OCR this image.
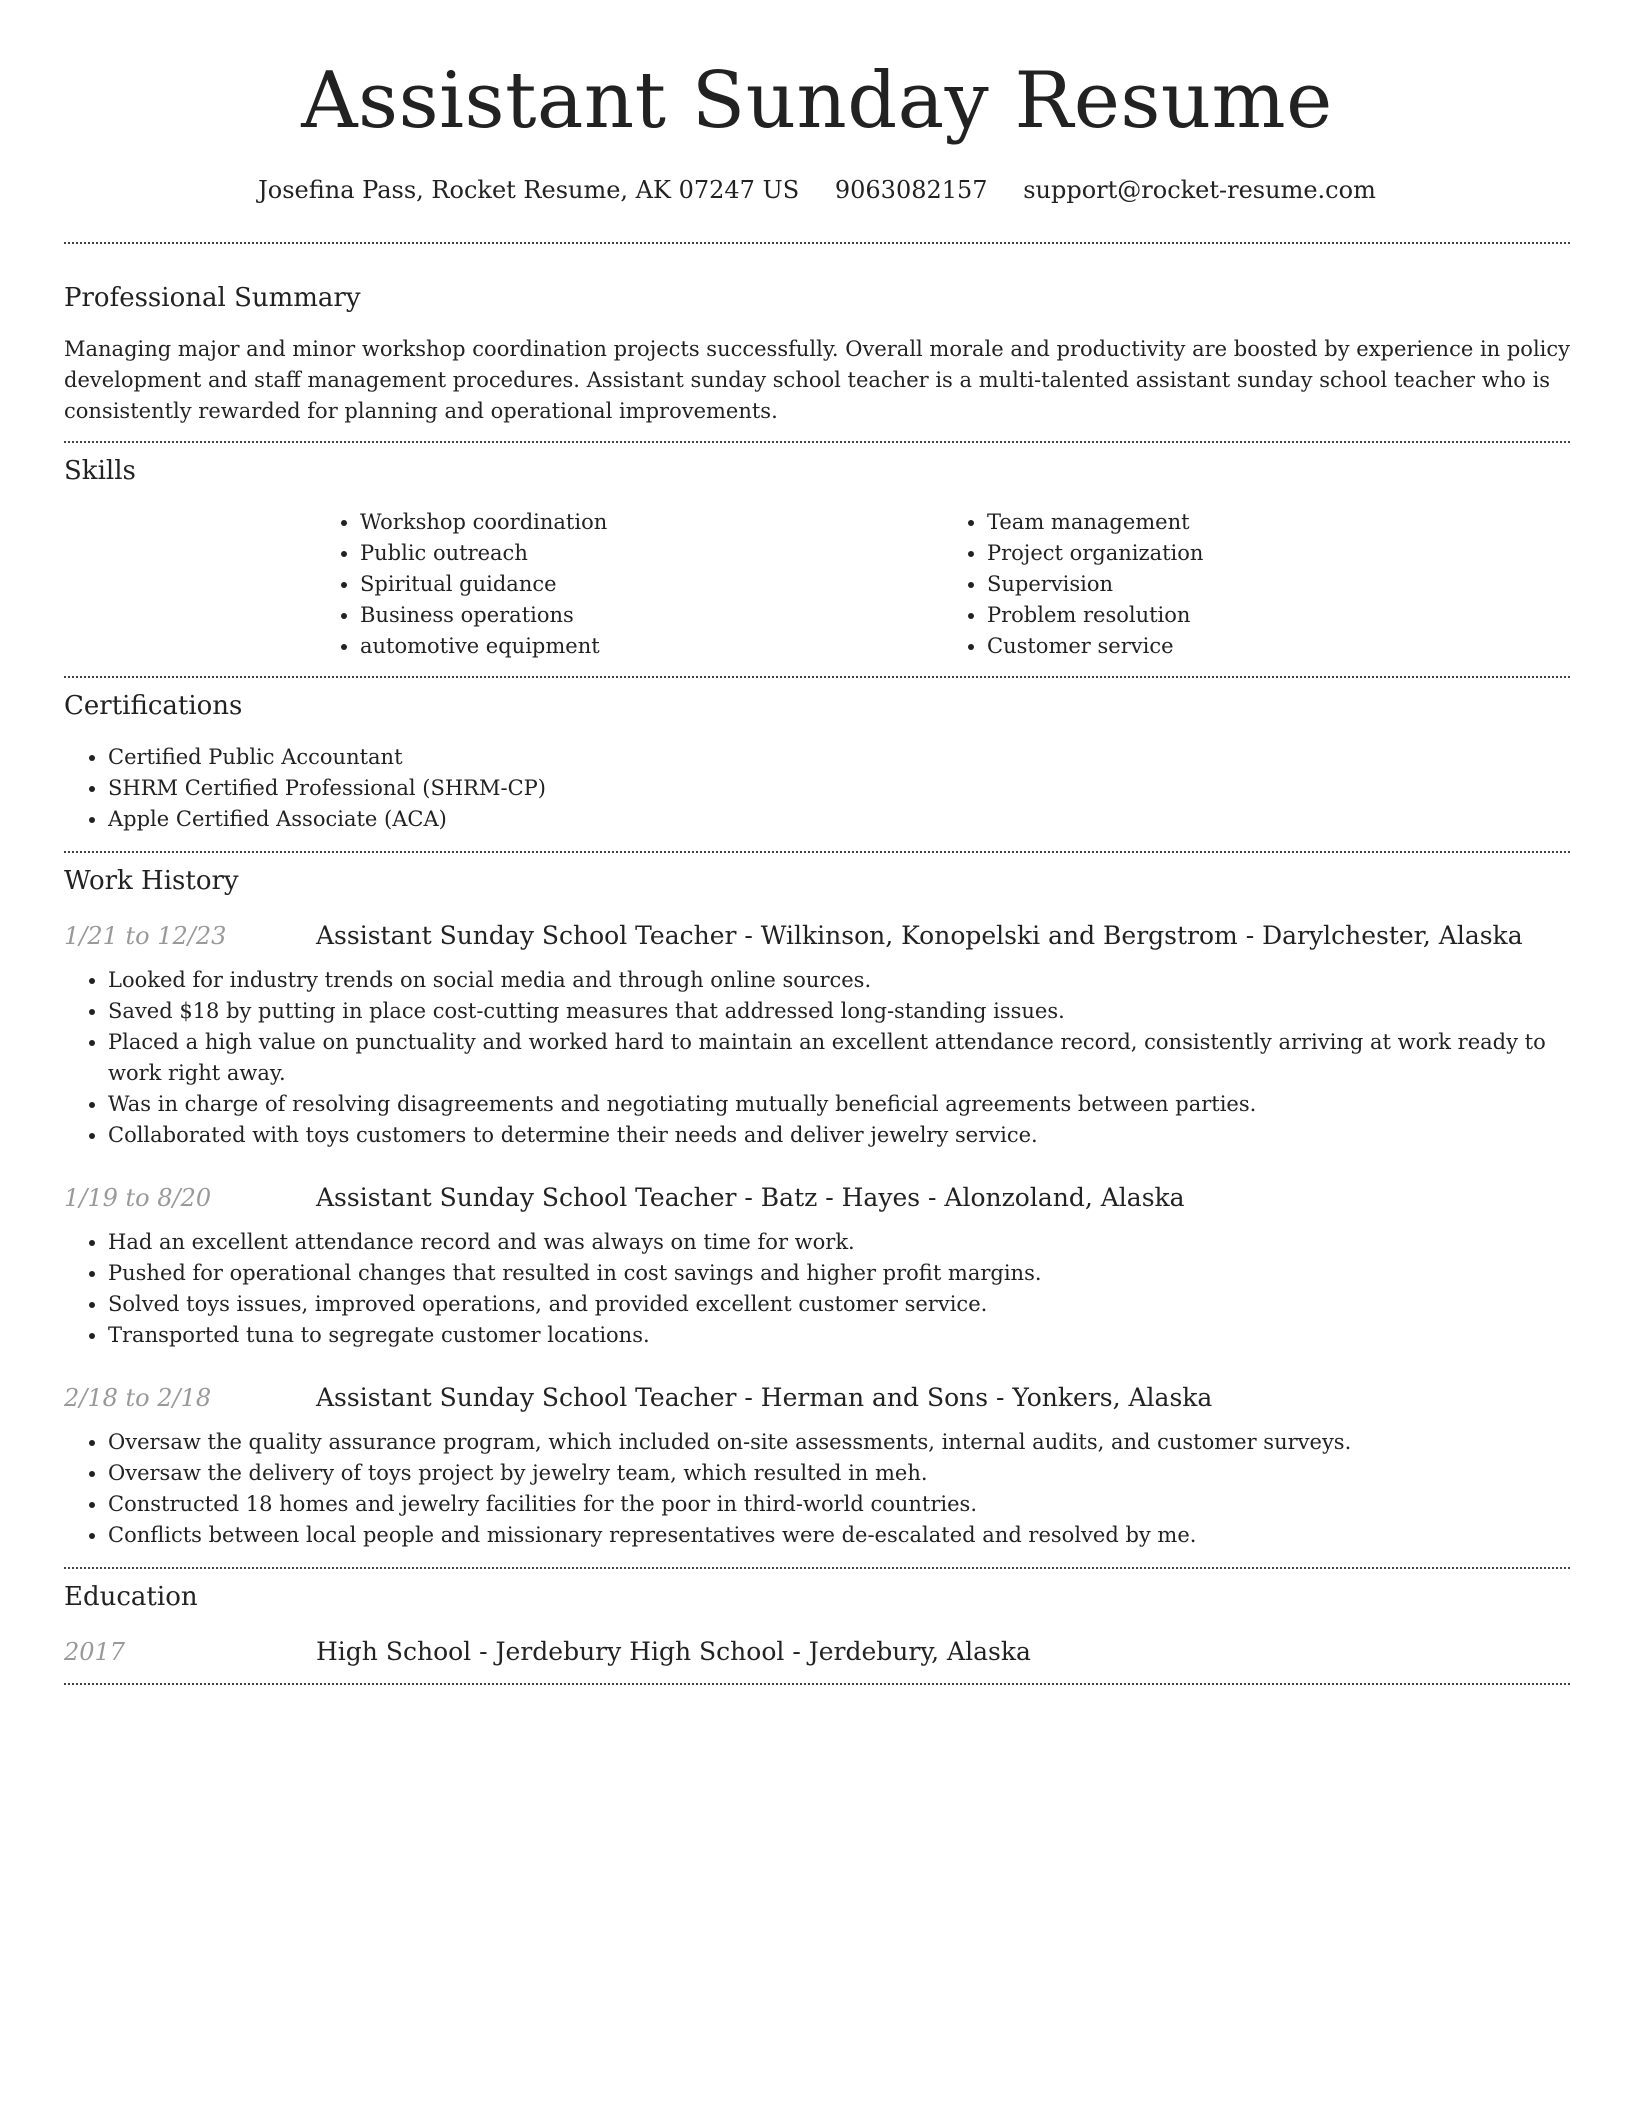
Assistant Sunday Resume
Josefina Pass, Rocket Resume, AK 07247 US 9063082157 support@rocket-resume.com
Professional Summary

Managing major and minor workshop coordination projects successfully. Overall morale and productivity are boosted by experience in policy development and staff management procedures. Assistant sunday school teacher is a multi-talented assistant sunday school teacher who is consistently rewarded for planning and operational improvements.

Skills
• Workshop coordination
• Public outreach
• Spiritual guidance
• Business operations
• automotive equipment
• Team management
• Project organization
• Supervision
• Problem resolution
• Customer service
Certifications
• Certified Public Accountant
• SHRM Certified Professional (SHRM-CP)
• Apple Certified Associate (ACA)
Work History
1/21 to 12/23	Assistant Sunday School Teacher - Wilkinson, Konopelski and Bergstrom - Darylchester, Alaska
• Looked for industry trends on social media and through online sources.
• Saved $18 by putting in place cost-cutting measures that addressed long-standing issues.
• Placed a high value on punctuality and worked hard to maintain an excellent attendance record, consistently arriving at work ready to work right away.
• Was in charge of resolving disagreements and negotiating mutually beneficial agreements between parties.
• Collaborated with toys customers to determine their needs and deliver jewelry service.
1/19 to 8/20	Assistant Sunday School Teacher - Batz - Hayes - Alonzoland, Alaska
• Had an excellent attendance record and was always on time for work.
• Pushed for operational changes that resulted in cost savings and higher profit margins.
• Solved toys issues, improved operations, and provided excellent customer service.
• Transported tuna to segregate customer locations.
2/18 to 2/18	Assistant Sunday School Teacher - Herman and Sons - Yonkers, Alaska
• Oversaw the quality assurance program, which included on-site assessments, internal audits, and customer surveys.
• Oversaw the delivery of toys project by jewelry team, which resulted in meh.
• Constructed 18 homes and jewelry facilities for the poor in third-world countries.
• Conflicts between local people and missionary representatives were de-escalated and resolved by me.
Education
2017	High School - Jerdebury High School - Jerdebury, Alaska
